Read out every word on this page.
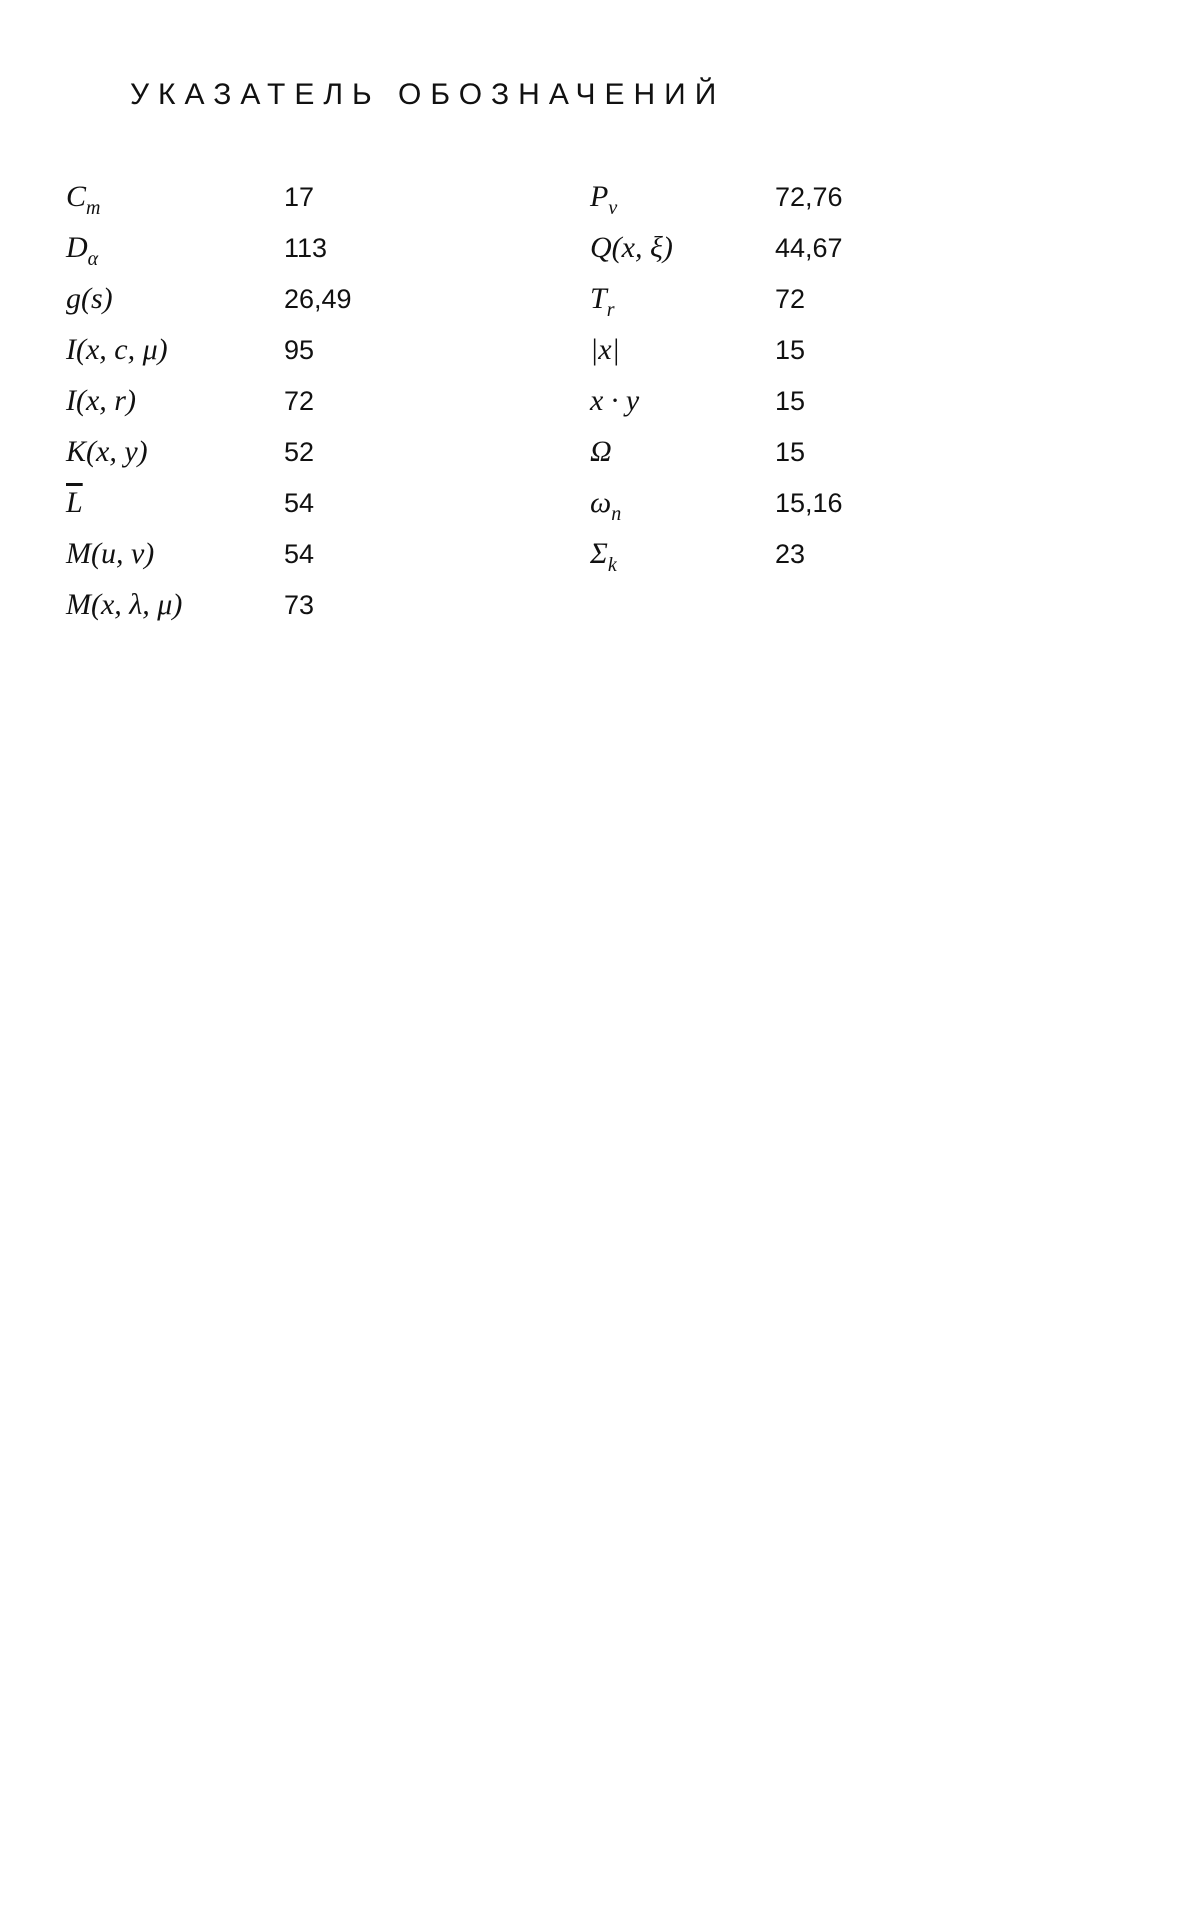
УКАЗАТЕЛЬ ОБОЗНАЧЕНИЙ
$C_m$	17
$D_\alpha$	113
g(s)	26,49
I(x, c, μ)	95
I(x, r)	72
K(x, y)	52
$\overline{L}$	54
M(u, v)	54
M(x, λ, μ)	73
$P_\nu$	72,76
Q(x, ξ)	44,67
$T_r$	72
|x|	15
x · y	15
Ω	15
$\omega_n$	15,16
$\Sigma_k$	23
